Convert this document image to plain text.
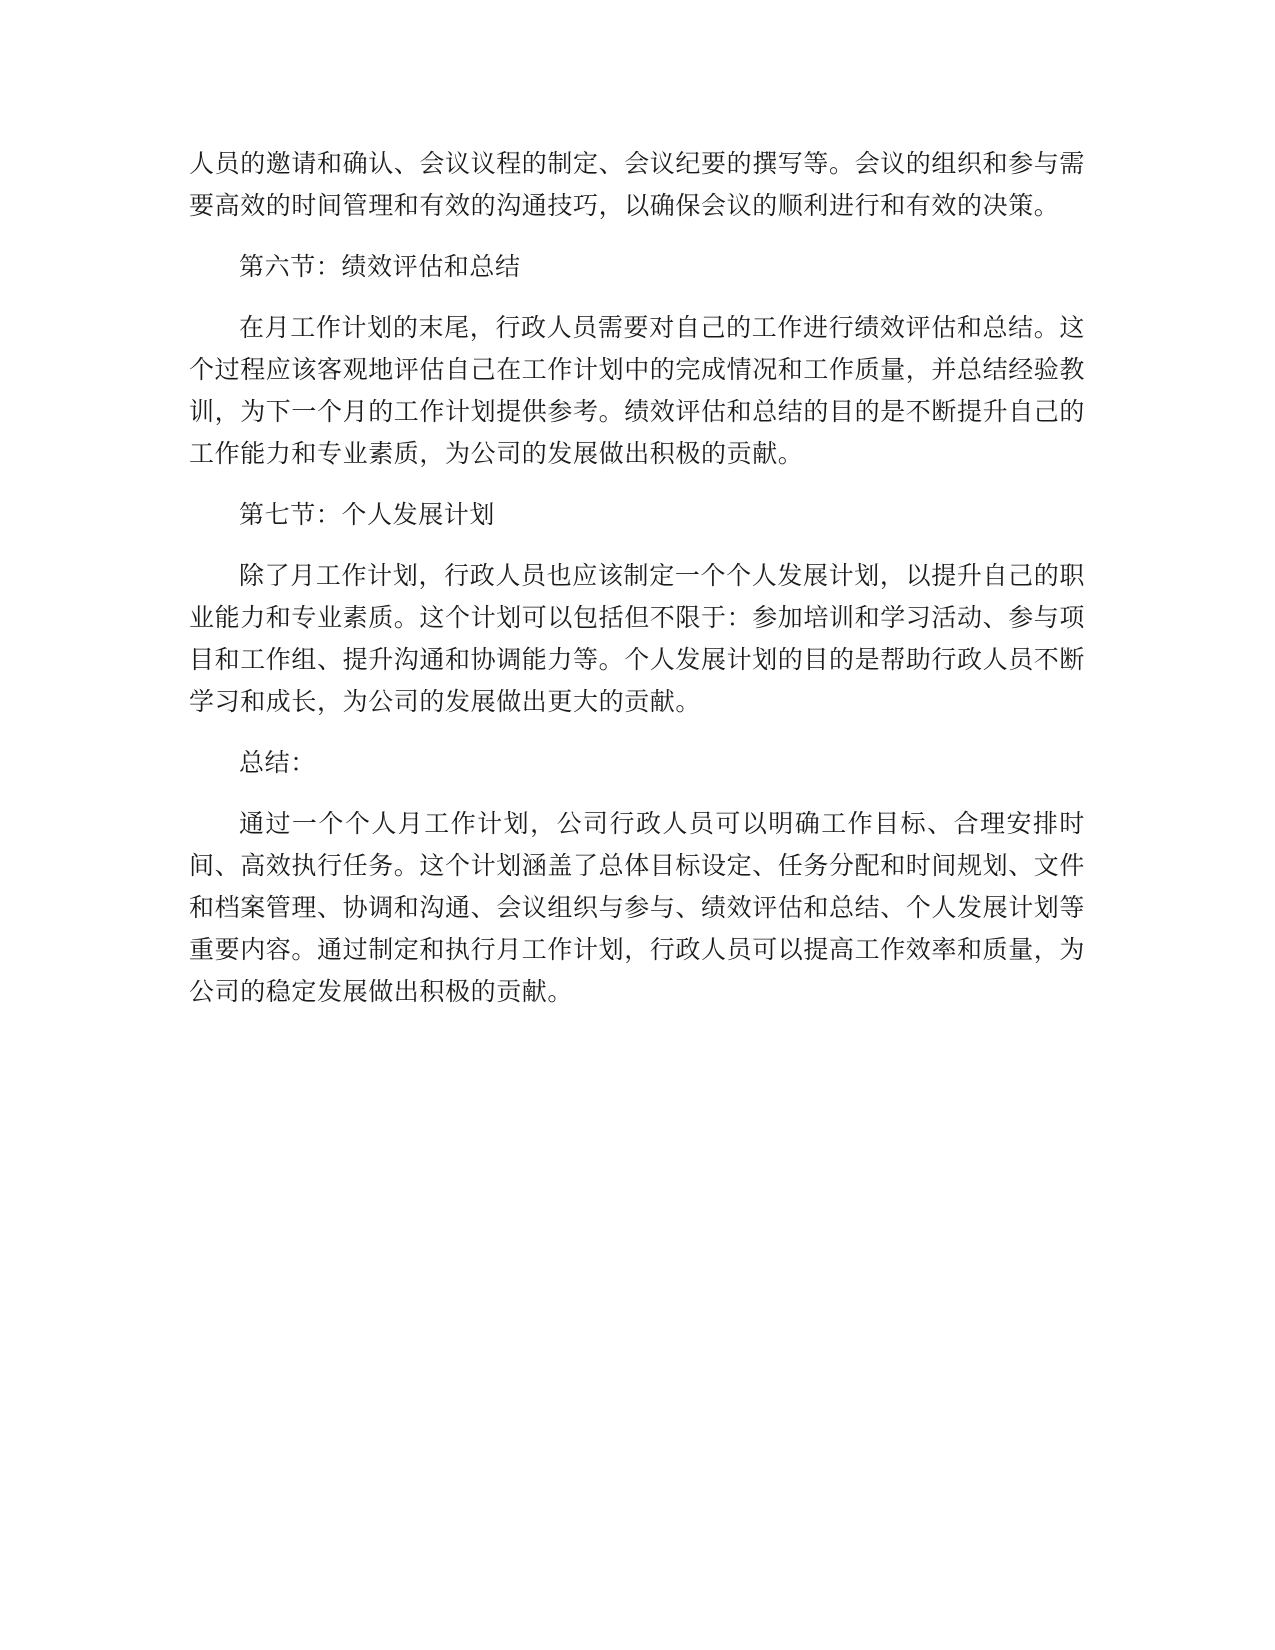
人员的邀请和确认、会议议程的制定、会议纪要的撰写等。会议的组织和参与需要高效的时间管理和有效的沟通技巧，以确保会议的顺利进行和有效的决策。

第六节：绩效评估和总结

在月工作计划的末尾，行政人员需要对自己的工作进行绩效评估和总结。这个过程应该客观地评估自己在工作计划中的完成情况和工作质量，并总结经验教训，为下一个月的工作计划提供参考。绩效评估和总结的目的是不断提升自己的工作能力和专业素质，为公司的发展做出积极的贡献。

第七节：个人发展计划

除了月工作计划，行政人员也应该制定一个个人发展计划，以提升自己的职业能力和专业素质。这个计划可以包括但不限于：参加培训和学习活动、参与项目和工作组、提升沟通和协调能力等。个人发展计划的目的是帮助行政人员不断学习和成长，为公司的发展做出更大的贡献。

总结：

通过一个个人月工作计划，公司行政人员可以明确工作目标、合理安排时间、高效执行任务。这个计划涵盖了总体目标设定、任务分配和时间规划、文件和档案管理、协调和沟通、会议组织与参与、绩效评估和总结、个人发展计划等重要内容。通过制定和执行月工作计划，行政人员可以提高工作效率和质量，为公司的稳定发展做出积极的贡献。
